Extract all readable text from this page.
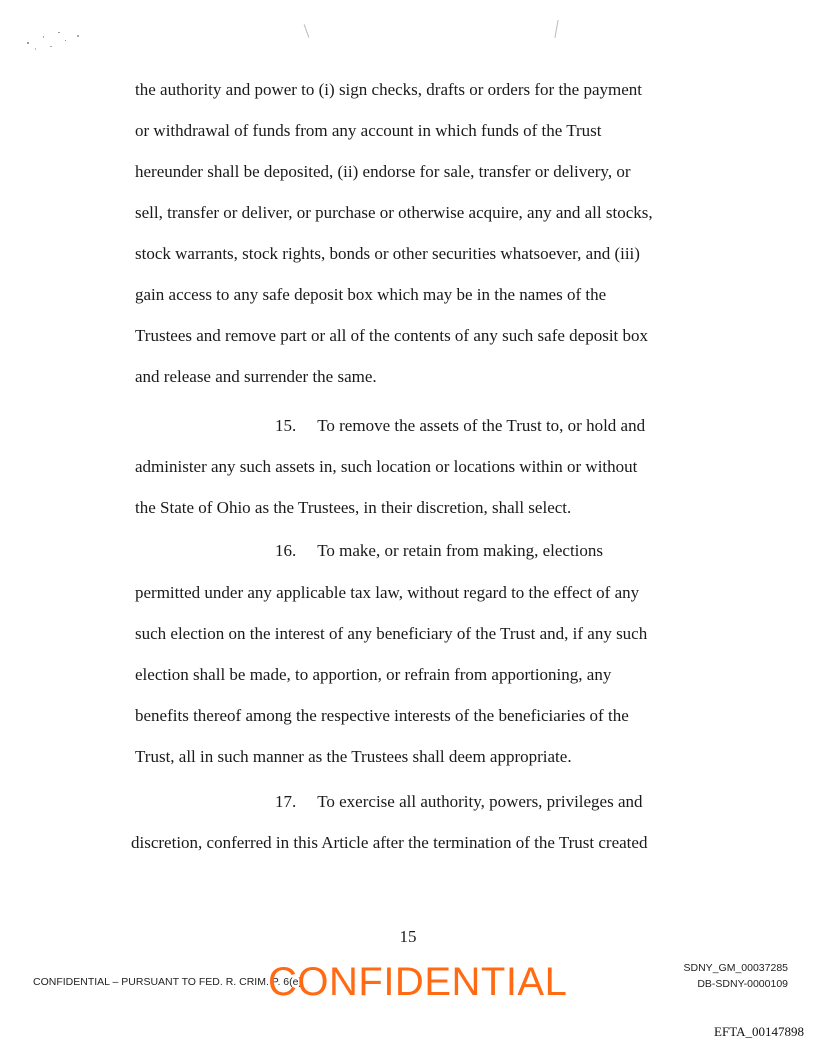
the authority and power to (i) sign checks, drafts or orders for the payment
or withdrawal of funds from any account in which funds of the Trust
hereunder shall be deposited, (ii) endorse for sale, transfer or delivery, or
sell, transfer or deliver, or purchase or otherwise acquire, any and all stocks,
stock warrants, stock rights, bonds or other securities whatsoever, and (iii)
gain access to any safe deposit box which may be in the names of the
Trustees and remove part or all of the contents of any such safe deposit box
and release and surrender the same.
15.  To remove the assets of the Trust to, or hold and
administer any such assets in, such location or locations within or without
the State of Ohio as the Trustees, in their discretion, shall select.
16.  To make, or retain from making, elections
permitted under any applicable tax law, without regard to the effect of any
such election on the interest of any beneficiary of the Trust and, if any such
election shall be made, to apportion, or refrain from apportioning, any
benefits thereof among the respective interests of the beneficiaries of the
Trust, all in such manner as the Trustees shall deem appropriate.
17.  To exercise all authority, powers, privileges and
discretion, conferred in this Article after the termination of the Trust created
15
CONFIDENTIAL – PURSUANT TO FED. R. CRIM. P. 6(e)
CONFIDENTIAL	SDNY_GM_00037285
DB-SDNY-0000109
EFTA_00147898
